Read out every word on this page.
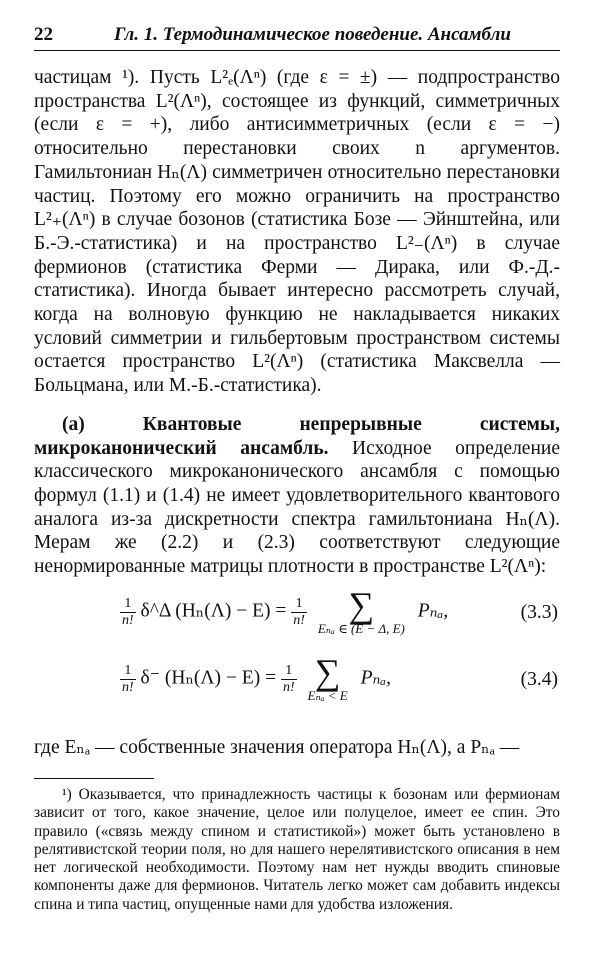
22	Гл. 1. Термодинамическое поведение. Ансамбли

частицам ¹). Пусть L²ₑ(Λⁿ) (где ε = ±) — подпространство пространства L²(Λⁿ), состоящее из функций, симметричных (если ε = +), либо антисимметричных (если ε = −) относительно перестановки своих n аргументов. Гамильтониан Hₙ(Λ) симметричен относительно перестановки частиц. Поэтому его можно ограничить на пространство L²₊(Λⁿ) в случае бозонов (статистика Бозе — Эйнштейна, или Б.-Э.-статистика) и на пространство L²₋(Λⁿ) в случае фермионов (статистика Ферми — Дирака, или Ф.-Д.-статистика). Иногда бывает интересно рассмотреть случай, когда на волновую функцию не накладывается никаких условий симметрии и гильбертовым пространством системы остается пространство L²(Λⁿ) (статистика Максвелла — Больцмана, или М.-Б.-статистика).

(а) Квантовые непрерывные системы, микроканонический ансамбль. Исходное определение классического микроканонического ансамбля с помощью формул (1.1) и (1.4) не имеет удовлетворительного квантового аналога из-за дискретности спектра гамильтониана Hₙ(Λ). Мерам же (2.2) и (2.3) соответствуют следующие ненормированные матрицы плотности в пространстве L²(Λⁿ):

$\frac{1}{n!}$ δ^Δ $(H_n(\Lambda) - E) = \frac{1}{n!}$
	∑
Eₙₐ ∈ (E − Δ, E)
Pₙₐ,	(3.3)
$\frac{1}{n!} \delta^-$ $(H_n(\Lambda) - E) = \frac{1}{n!}$
∑
Eₙₐ < E
Pₙₐ,	(3.4)

где Eₙₐ — собственные значения оператора Hₙ(Λ), а Pₙₐ —

¹) Оказывается, что принадлежность частицы к бозонам или фермионам зависит от того, какое значение, целое или полуцелое, имеет ее спин. Это правило («связь между спином и статистикой») может быть установлено в релятивистской теории поля, но для нашего нерелятивистского описания в нем нет логической необходимости. Поэтому нам нет нужды вводить спиновые компоненты даже для фермионов. Читатель легко может сам добавить индексы спина и типа частиц, опущенные нами для удобства изложения.
